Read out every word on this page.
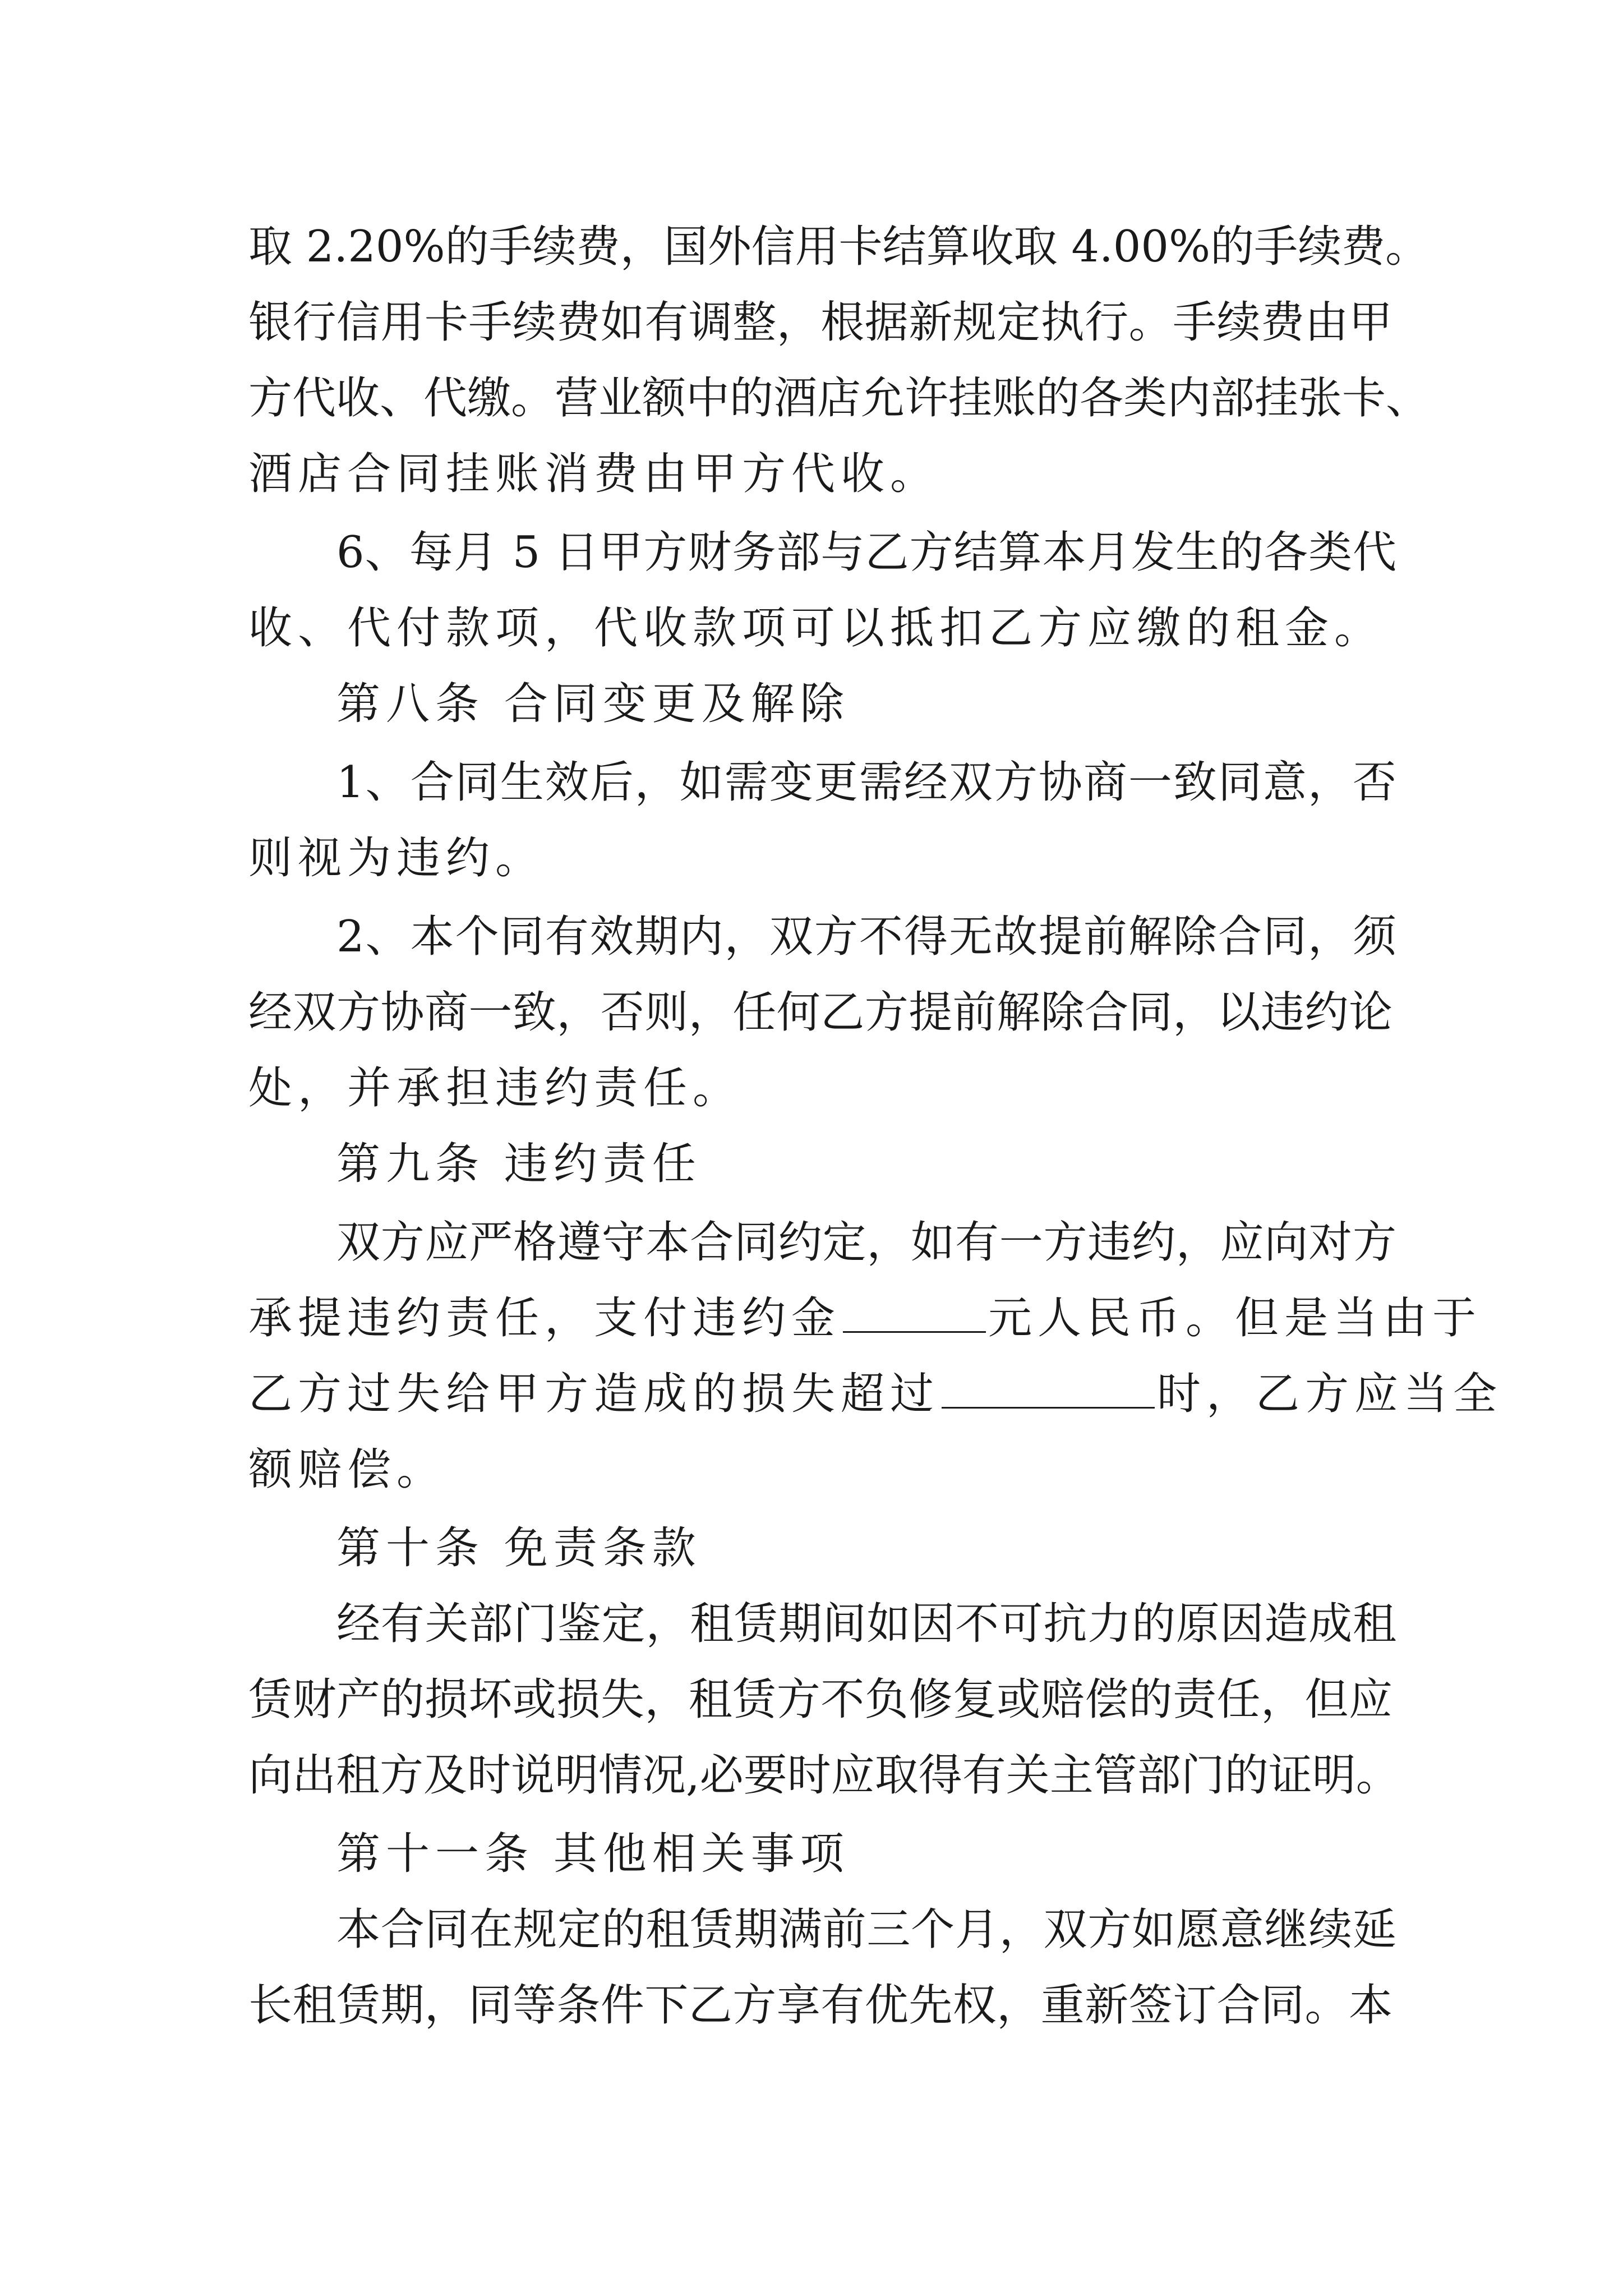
取 2.20%的手续费，国外信用卡结算收取 4.00%的手续费。
银行信用卡手续费如有调整，根据新规定执行。手续费由甲
方代收、代缴。营业额中的酒店允许挂账的各类内部挂张卡、
酒店合同挂账消费由甲方代收。
6、每月 5 日甲方财务部与乙方结算本月发生的各类代
收、代付款项，代收款项可以抵扣乙方应缴的租金。
第八条 合同变更及解除
1、合同生效后，如需变更需经双方协商一致同意，否
则视为违约。
2、本个同有效期内，双方不得无故提前解除合同，须
经双方协商一致，否则，任何乙方提前解除合同，以违约论
处，并承担违约责任。
第九条 违约责任
双方应严格遵守本合同约定，如有一方违约，应向对方
承提违约责任，支付违约金	元人民币。但是当由于
乙方过失给甲方造成的损失超过	时，乙方应当全
额赔偿。
第十条 免责条款
经有关部门鉴定，租赁期间如因不可抗力的原因造成租
赁财产的损坏或损失，租赁方不负修复或赔偿的责任，但应
向出租方及时说明情况,必要时应取得有关主管部门的证明。
第十一条 其他相关事项
本合同在规定的租赁期满前三个月，双方如愿意继续延
长租赁期，同等条件下乙方享有优先权，重新签订合同。本
